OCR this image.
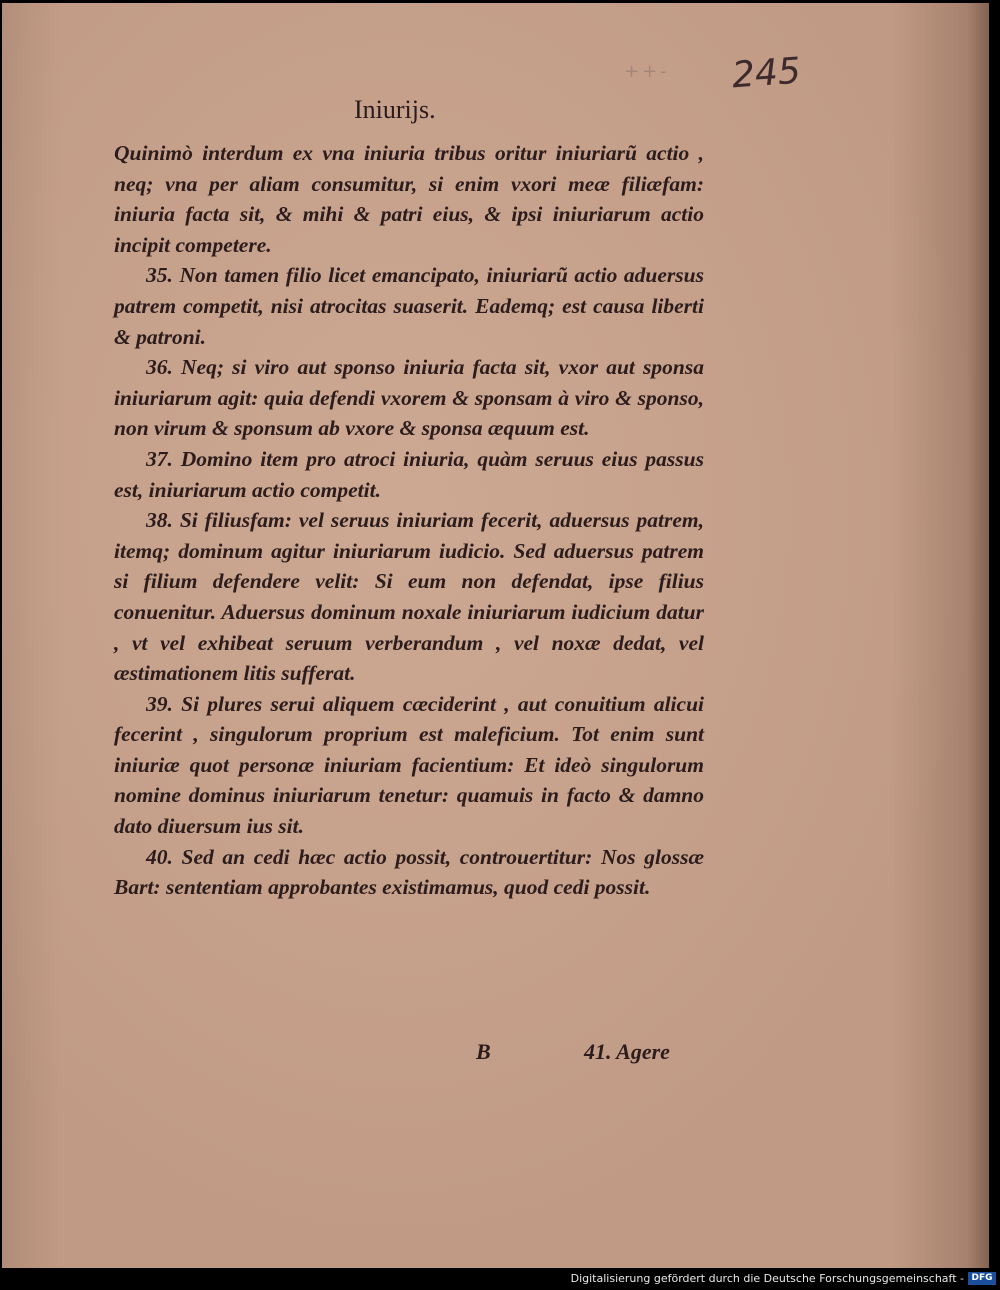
++- 245
Iniurijs.

Quinimò interdum ex vna iniuria tribus oritur iniuriarũ actio , neq; vna per aliam consumitur, si enim vxori meæ filiæfam: iniuria facta sit, & mihi & patri eius, & ipsi iniuriarum actio incipit competere.

35. Non tamen filio licet emancipato, iniuriarũ actio aduersus patrem competit, nisi atrocitas suaserit. Eademq; est causa liberti & patroni.

36. Neq; si viro aut sponso iniuria facta sit, vxor aut sponsa iniuriarum agit: quia defendi vxorem & sponsam à viro & sponso, non virum & sponsum ab vxore & sponsa æquum est.

37. Domino item pro atroci iniuria, quàm seruus eius passus est, iniuriarum actio competit.

38. Si filiusfam: vel seruus iniuriam fecerit, aduersus patrem, itemq; dominum agitur iniuriarum iudicio. Sed aduersus patrem si filium defendere velit: Si eum non defendat, ipse filius conuenitur. Aduersus dominum noxale iniuriarum iudicium datur , vt vel exhibeat seruum verberandum , vel noxæ dedat, vel æstimationem litis sufferat.

39. Si plures serui aliquem cæciderint , aut conuitium alicui fecerint , singulorum proprium est maleficium. Tot enim sunt iniuriæ quot personæ iniuriam facientium: Et ideò singulorum nomine dominus iniuriarum tenetur: quamuis in facto & damno dato diuersum ius sit.

40. Sed an cedi hæc actio possit, controuertitur: Nos glossæ Bart: sententiam approbantes existimamus, quod cedi possit.

B	41. Agere
Digitalisierung gefördert durch die Deutsche Forschungsgemeinschaft - DFG
